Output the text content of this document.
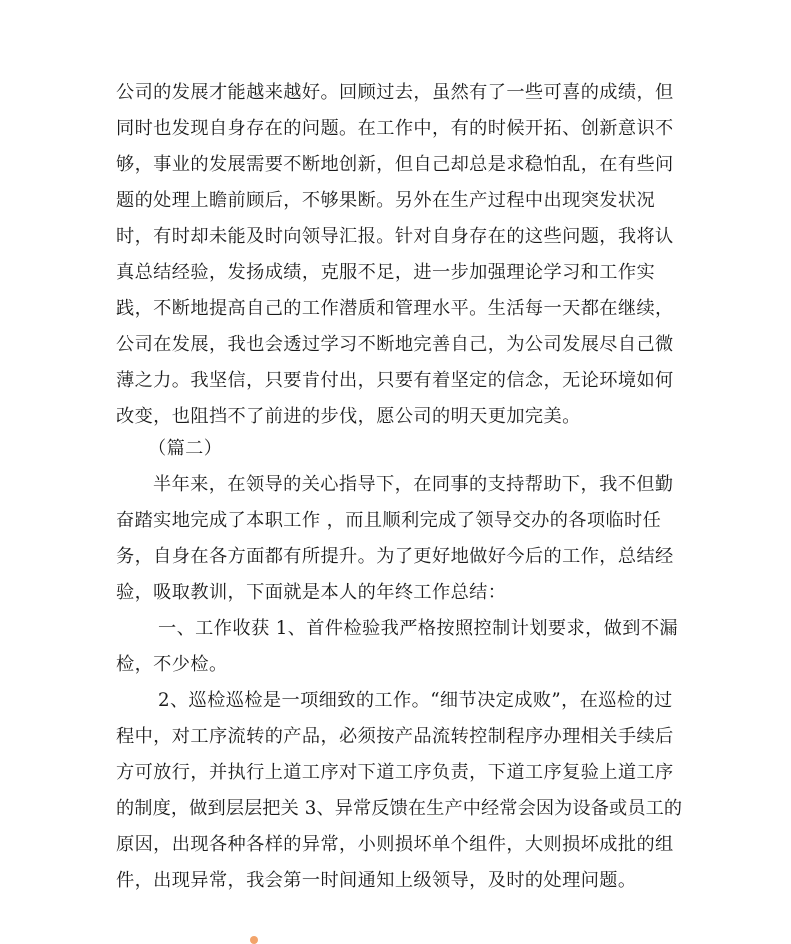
公司的发展才能越来越好。回顾过去，虽然有了一些可喜的成绩，但
同时也发现自身存在的问题。在工作中，有的时候开拓、创新意识不
够，事业的发展需要不断地创新，但自己却总是求稳怕乱，在有些问
题的处理上瞻前顾后，不够果断。另外在生产过程中出现突发状况
时，有时却未能及时向领导汇报。针对自身存在的这些问题，我将认
真总结经验，发扬成绩，克服不足，进一步加强理论学习和工作实
践，不断地提高自己的工作潜质和管理水平。生活每一天都在继续，
公司在发展，我也会透过学习不断地完善自己，为公司发展尽自己微
薄之力。我坚信，只要肯付出，只要有着坚定的信念，无论环境如何
改变，也阻挡不了前进的步伐，愿公司的明天更加完美。
（篇二）
半年来，在领导的关心指导下，在同事的支持帮助下，我不但勤
奋踏实地完成了本职工作 ，而且顺利完成了领导交办的各项临时任
务，自身在各方面都有所提升。为了更好地做好今后的工作，总结经
验，吸取教训，下面就是本人的年终工作总结：
一、工作收获 1、首件检验我严格按照控制计划要求，做到不漏
检，不少检。
2、巡检巡检是一项细致的工作。“细节决定成败”，在巡检的过
程中，对工序流转的产品，必须按产品流转控制程序办理相关手续后
方可放行，并执行上道工序对下道工序负责，下道工序复验上道工序
的制度，做到层层把关 3、异常反馈在生产中经常会因为设备或员工的
原因，出现各种各样的异常，小则损坏单个组件，大则损坏成批的组
件，出现异常，我会第一时间通知上级领导，及时的处理问题。
